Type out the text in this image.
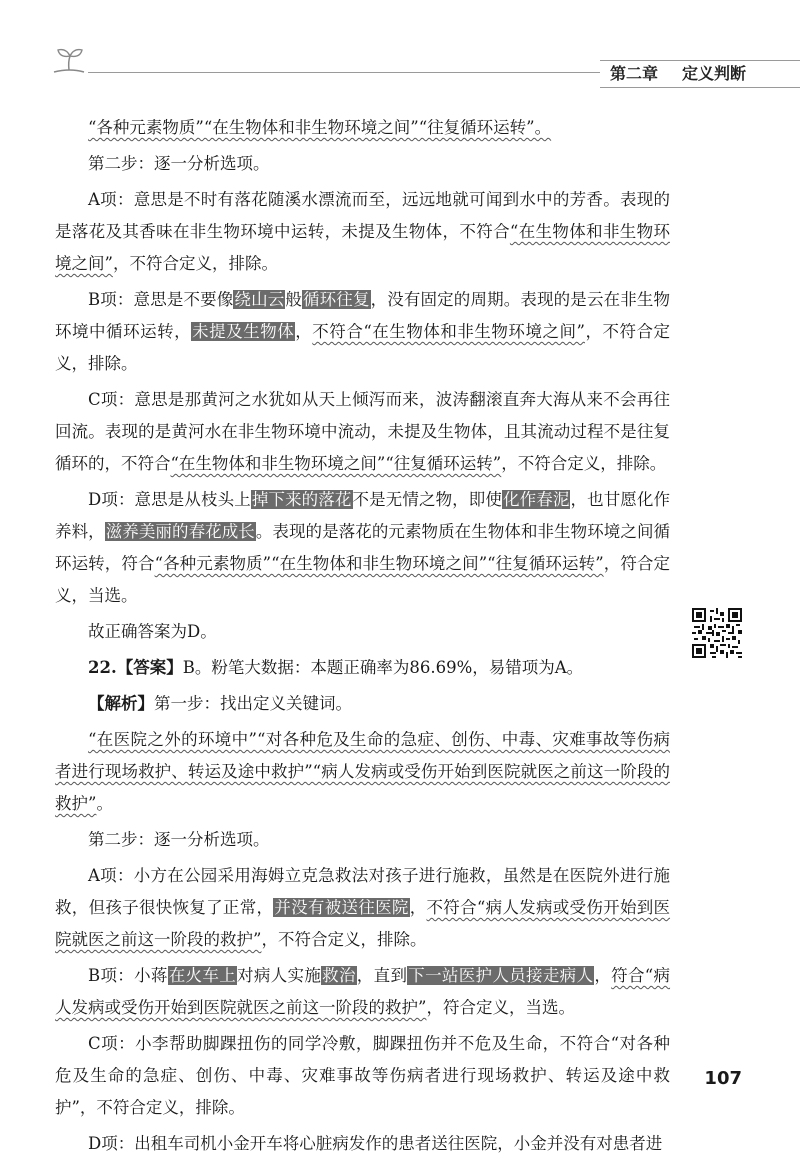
第二章 定义判断

“各种元素物质”“在生物体和非生物环境之间”“往复循环运转”。

第二步：逐一分析选项。

A项：意思是不时有落花随溪水漂流而至，远远地就可闻到水中的芳香。表现的是落花及其香味在非生物环境中运转，未提及生物体，不符合“在生物体和非生物环境之间”，不符合定义，排除。

B项：意思是不要像绕山云般循环往复，没有固定的周期。表现的是云在非生物环境中循环运转，未提及生物体，不符合“在生物体和非生物环境之间”，不符合定义，排除。

C项：意思是那黄河之水犹如从天上倾泻而来，波涛翻滚直奔大海从来不会再往回流。表现的是黄河水在非生物环境中流动，未提及生物体，且其流动过程不是往复循环的，不符合“在生物体和非生物环境之间”“往复循环运转”，不符合定义，排除。

D项：意思是从枝头上掉下来的落花不是无情之物，即使化作春泥，也甘愿化作养料，滋养美丽的春花成长。表现的是落花的元素物质在生物体和非生物环境之间循环运转，符合“各种元素物质”“在生物体和非生物环境之间”“往复循环运转”，符合定义，当选。

故正确答案为D。

22.【答案】B。粉笔大数据：本题正确率为86.69%，易错项为A。

【解析】第一步：找出定义关键词。

“在医院之外的环境中”“对各种危及生命的急症、创伤、中毒、灾难事故等伤病者进行现场救护、转运及途中救护”“病人发病或受伤开始到医院就医之前这一阶段的救护”。

第二步：逐一分析选项。

A项：小方在公园采用海姆立克急救法对孩子进行施救，虽然是在医院外进行施救，但孩子很快恢复了正常，并没有被送往医院，不符合“病人发病或受伤开始到医院就医之前这一阶段的救护”，不符合定义，排除。

B项：小蒋在火车上对病人实施救治，直到下一站医护人员接走病人，符合“病人发病或受伤开始到医院就医之前这一阶段的救护”，符合定义，当选。

C项：小李帮助脚踝扭伤的同学冷敷，脚踝扭伤并不危及生命，不符合“对各种危及生命的急症、创伤、中毒、灾难事故等伤病者进行现场救护、转运及途中救护”，不符合定义，排除。

D项：出租车司机小金开车将心脏病发作的患者送往医院，小金并没有对患者进

107
